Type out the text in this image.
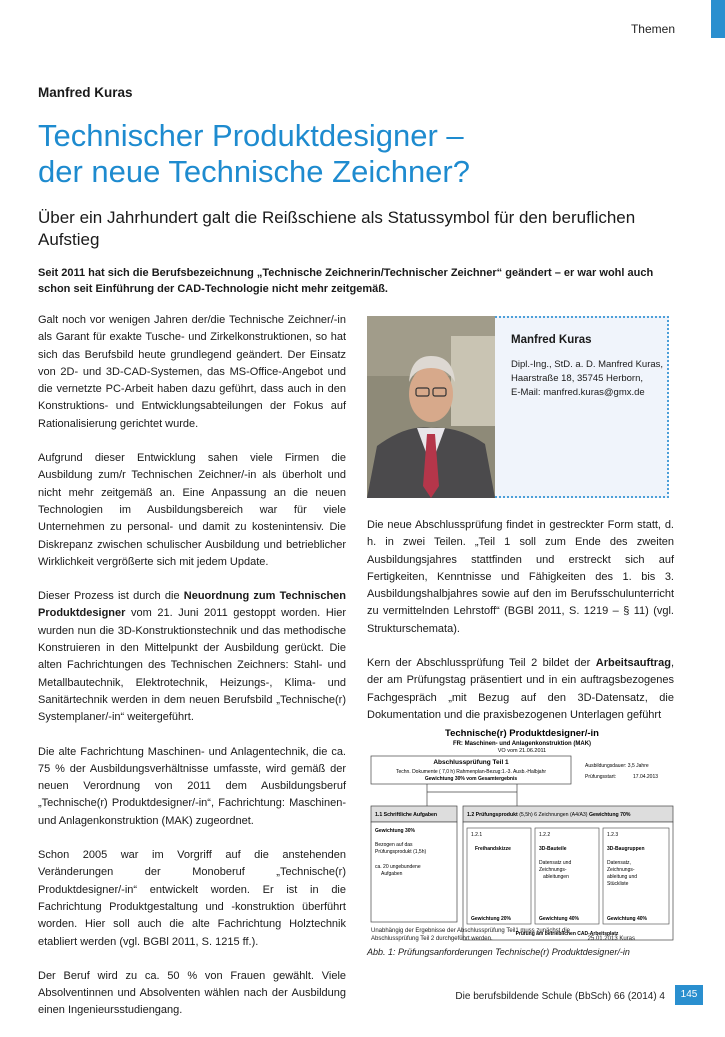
Themen
Manfred Kuras
Technischer Produktdesigner –
der neue Technische Zeichner?
Über ein Jahrhundert galt die Reißschiene als Statussymbol für den beruflichen Aufstieg
Seit 2011 hat sich die Berufsbezeichnung „Technische Zeichnerin/Technischer Zeichner“ geändert – er war wohl auch schon seit Einführung der CAD-Technologie nicht mehr zeitgemäß.

Galt noch vor wenigen Jahren der/die Technische Zeichner/-in als Garant für exakte Tusche- und Zirkelkonstruktionen, so hat sich das Berufsbild heute grundlegend geändert. Der Einsatz von 2D- und 3D-CAD-Systemen, das MS-Office-Angebot und die vernetzte PC-Arbeit haben dazu geführt, dass auch in den Konstruktions- und Entwicklungsabteilungen der Fokus auf Rationalisierung gerichtet wurde.

Aufgrund dieser Entwicklung sahen viele Firmen die Ausbildung zum/r Technischen Zeichner/-in als überholt und nicht mehr zeitgemäß an. Eine Anpassung an die neuen Technologien im Ausbildungsbereich war für viele Unternehmen zu personal- und damit zu kostenintensiv. Die Diskrepanz zwischen schulischer Ausbildung und betrieblicher Wirklichkeit vergrößerte sich mit jedem Update.

Dieser Prozess ist durch die Neuordnung zum Technischen Produktdesigner vom 21. Juni 2011 gestoppt worden. Hier wurden nun die 3D-Konstruktionstechnik und das methodische Konstruieren in den Mittelpunkt der Ausbildung gerückt. Die alten Fachrichtungen des Technischen Zeichners: Stahl- und Metallbautechnik, Elektrotechnik, Heizungs-, Klima- und Sanitärtechnik werden in dem neuen Berufsbild „Technische(r) Systemplaner/-in“ weitergeführt.

Die alte Fachrichtung Maschinen- und Anlagentechnik, die ca. 75 % der Ausbildungsverhältnisse umfasste, wird gemäß der neuen Verordnung von 2011 dem Ausbildungsberuf „Technische(r) Produktdesigner/-in“, Fachrichtung: Maschinen- und Anlagenkonstruktion (MAK) zugeordnet.

Schon 2005 war im Vorgriff auf die anstehenden Veränderungen der Monoberuf „Technische(r) Produktdesigner/-in“ entwickelt worden. Er ist in die Fachrichtung Produktgestaltung und -konstruktion überführt worden. Hier soll auch die alte Fachrichtung Holztechnik etabliert werden (vgl. BGBl 2011, S. 1215 ff.).

Der Beruf wird zu ca. 50 % von Frauen gewählt. Viele Absolventinnen und Absolventen wählen nach der Ausbildung einen Ingenieursstudiengang.

Manfred Kuras
Dipl.-Ing., StD. a. D. Manfred Kuras,
Haarstraße 18, 35745 Herborn,
E-Mail: manfred.kuras@gmx.de

Die neue Abschlussprüfung findet in gestreckter Form statt, d. h. in zwei Teilen. „Teil 1 soll zum Ende des zweiten Ausbildungsjahres stattfinden und erstreckt sich auf Fertigkeiten, Kenntnisse und Fähigkeiten des 1. bis 3. Ausbildungshalbjahres sowie auf den im Berufsschulunterricht zu vermittelnden Lehrstoff“ (BGBl 2011, S. 1219 – § 11) (vgl. Strukturschemata).

Kern der Abschlussprüfung Teil 2 bildet der Arbeitsauftrag, der am Prüfungstag präsentiert und in ein auftragsbezogenes Fachgespräch „mit Bezug auf den 3D-Datensatz, die Dokumentation und die praxisbezogenen Unterlagen geführt

Technische(r) Produktdesigner/-in
FR: Maschinen- und Anlagenkonstruktion (MAK)
VO vom 21.06.2011
Abschlussprüfung Teil 1
Techn. Dokumente ( 7,0 h) Rahmenplan-Bezug:1.-3. Ausb.-Halbjahr
Gewichtung 30% vom Gesamtergebnis
Ausbildungsdauer: 3,5 Jahre
Prüfungsstart:	17.04.2013
1.1 Schriftliche Aufgaben
Gewichtung 30%
Bezogen auf das
Prüfungsprodukt (1,5h)
ca. 20 ungebundene
Aufgaben
1.2 Prüfungsprodukt (5,5h) 6 Zeichnungen (A4/A3) Gewichtung 70%
1.2.1
Freihandskizze
Gewichtung 20%
1.2.2
3D-Bauteile
Datensatz und
Zeichnungs-
ableitungen
Gewichtung 40%
1.2.3
3D-Baugruppen
Datensatz,
Zeichnungs-
ableitung und
Stückliste
Gewichtung 40%
Prüfung am betrieblichen CAD-Arbeitsplatz
Unabhängig der Ergebnisse der Abschlussprüfung Teil1 muss zunächst die
Abschlussprüfung Teil 2 durchgeführt werden.	25.01.2013 Kuras
Abb. 1: Prüfungsanforderungen Technische(r) Produktdesigner/-in
Die berufsbildende Schule (BbSch) 66 (2014) 4	145
